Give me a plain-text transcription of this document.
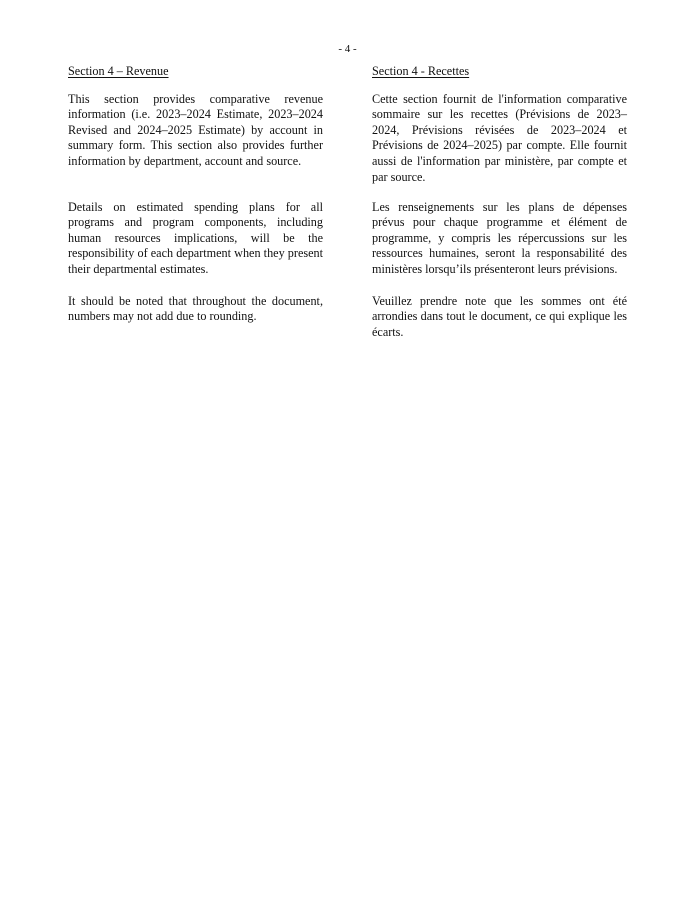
- 4 -

Section 4 – Revenue

This section provides comparative revenue information (i.e. 2023–2024 Estimate, 2023–2024 Revised and 2024–2025 Estimate) by account in summary form. This section also provides further information by department, account and source.

Details on estimated spending plans for all programs and program components, including human resources implications, will be the responsibility of each department when they present their departmental estimates.

It should be noted that throughout the document, numbers may not add due to rounding.

Section 4 - Recettes

Cette section fournit de l'information comparative sommaire sur les recettes (Prévisions de 2023–2024, Prévisions révisées de 2023–2024 et Prévisions de 2024–2025) par compte. Elle fournit aussi de l'information par ministère, par compte et par source.

Les renseignements sur les plans de dépenses prévus pour chaque programme et élément de programme, y compris les répercussions sur les ressources humaines, seront la responsabilité des ministères lorsqu’ils présenteront leurs prévisions.

Veuillez prendre note que les sommes ont été arrondies dans tout le document, ce qui explique les écarts.
